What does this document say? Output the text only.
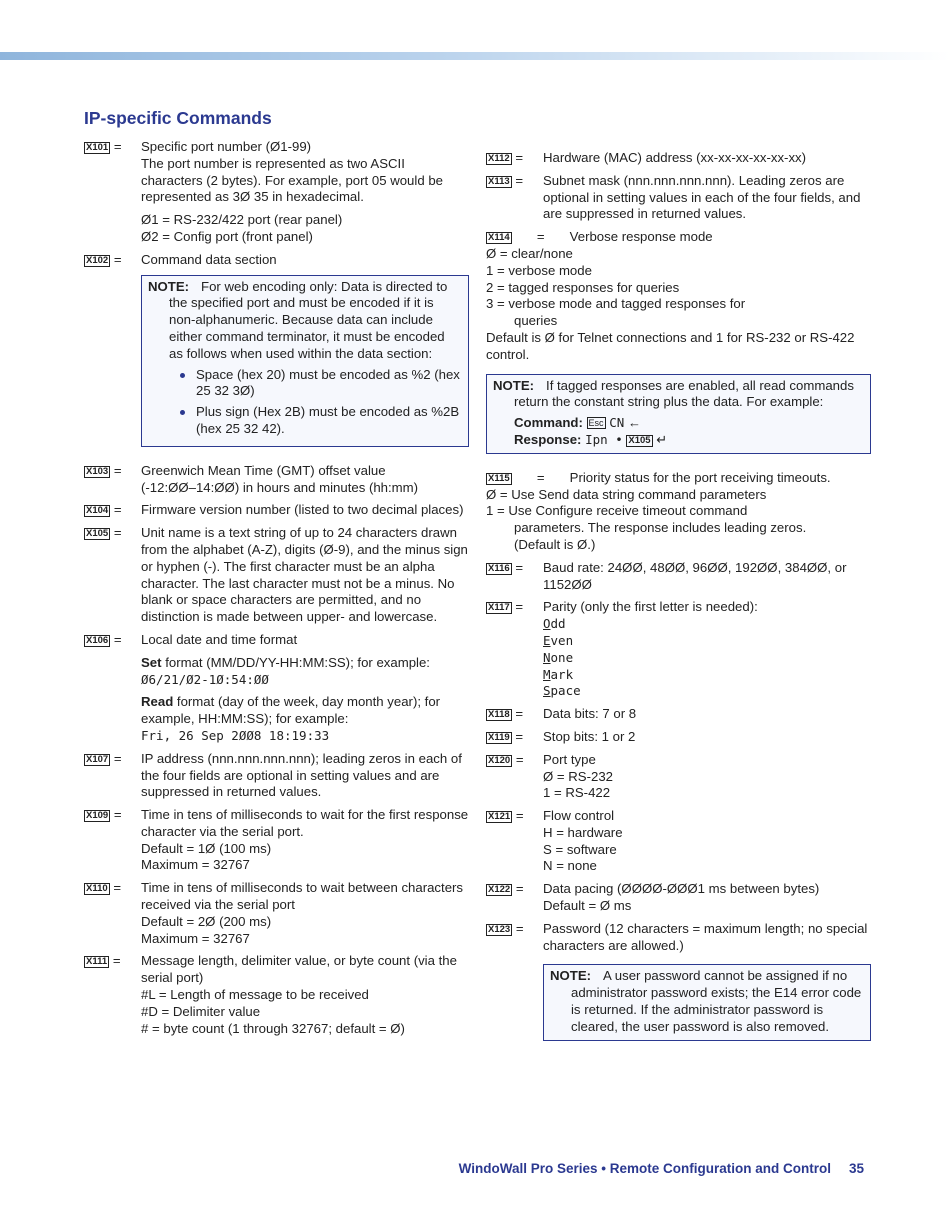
IP-specific Commands
X101 = Specific port number (Ø1-99)
The port number is represented as two ASCII
characters (2 bytes). For example, port 05 would be
represented as 3Ø 35 in hexadecimal.
Ø1 = RS-232/422 port (rear panel)
Ø2 = Config port (front panel)
X102 = Command data section
NOTE: For web encoding only: Data is directed to the specified port and must be encoded if it is non-alphanumeric. Because data can include either command terminator, it must be encoded as follows when used within the data section:
Space (hex 20) must be encoded as %2 (hex 25 32 3Ø)
Plus sign (Hex 2B) must be encoded as %2B (hex 25 32 42).
X103 = Greenwich Mean Time (GMT) offset value
(-12:ØØ–14:ØØ) in hours and minutes (hh:mm)
X104 = Firmware version number (listed to two decimal places)
X105 = Unit name is a text string of up to 24 characters drawn from the alphabet (A-Z), digits (Ø-9), and the minus sign or hyphen (-). The first character must be an alpha character. The last character must not be a minus. No blank or space characters are permitted, and no distinction is made between upper- and lowercase.
X106 = Local date and time format
Set format (MM/DD/YY-HH:MM:SS); for example:
Ø6/21/Ø2-1Ø:54:ØØ
Read format (day of the week, day month year); for example, HH:MM:SS); for example:
Fri, 26 Sep 2ØØ8 18:19:33
X107 = IP address (nnn.nnn.nnn.nnn); leading zeros in each of the four fields are optional in setting values and are suppressed in returned values.
X109 = Time in tens of milliseconds to wait for the first response character via the serial port.
Default = 1Ø (100 ms)
Maximum = 32767
X110 = Time in tens of milliseconds to wait between characters received via the serial port
Default = 2Ø (200 ms)
Maximum = 32767
X111 = Message length, delimiter value, or byte count (via the serial port)
#L = Length of message to be received
#D = Delimiter value
# = byte count (1 through 32767; default = Ø)
X112 = Hardware (MAC) address (xx-xx-xx-xx-xx-xx)
X113 = Subnet mask (nnn.nnn.nnn.nnn). Leading zeros are optional in setting values in each of the four fields, and are suppressed in returned values.
X114 = Verbose response mode
Ø = clear/none
1 = verbose mode
2 = tagged responses for queries
3 = verbose mode and tagged responses for queries
Default is Ø for Telnet connections and 1 for RS-232 or RS-422 control.
NOTE: If tagged responses are enabled, all read commands return the constant string plus the data. For example:
Command: Esc CN ←
Response: Ipn • X105 ↵
X115 = Priority status for the port receiving timeouts.
Ø = Use Send data string command parameters
1 = Use Configure receive timeout command parameters. The response includes leading zeros. (Default is Ø.)
X116 = Baud rate: 24ØØ, 48ØØ, 96ØØ, 192ØØ, 384ØØ, or 1152ØØ
X117 = Parity (only the first letter is needed):
Odd
Even
None
Mark
Space
X118 = Data bits: 7 or 8
X119 = Stop bits: 1 or 2
X120 = Port type
Ø = RS-232
1 = RS-422
X121 = Flow control
H = hardware
S = software
N = none
X122 = Data pacing (ØØØØ-ØØØ1 ms between bytes)
Default = Ø ms
X123 = Password (12 characters = maximum length; no special characters are allowed.)
NOTE: A user password cannot be assigned if no administrator password exists; the E14 error code is returned. If the administrator password is cleared, the user password is also removed.
WindoWall Pro Series • Remote Configuration and Control 35
